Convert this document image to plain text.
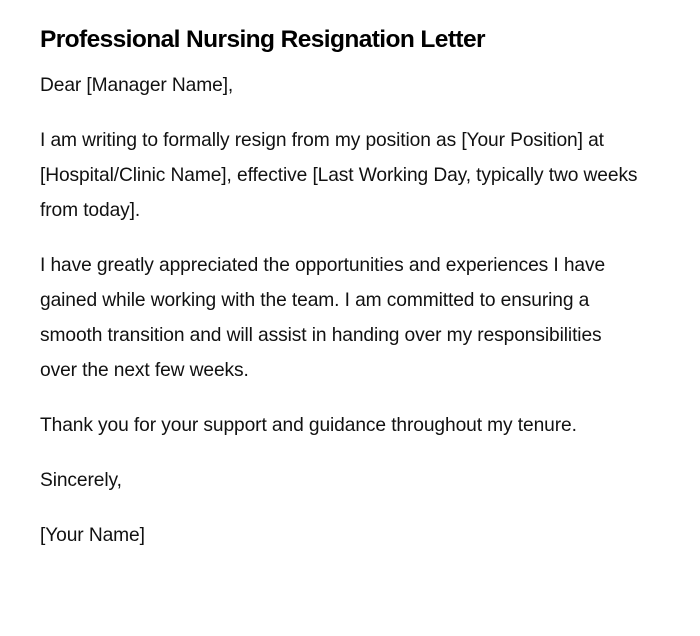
Professional Nursing Resignation Letter

Dear [Manager Name],

I am writing to formally resign from my position as [Your Position] at [Hospital/Clinic Name], effective [Last Working Day, typically two weeks from today].

I have greatly appreciated the opportunities and experiences I have gained while working with the team. I am committed to ensuring a smooth transition and will assist in handing over my responsibilities over the next few weeks.

Thank you for your support and guidance throughout my tenure.

Sincerely,

[Your Name]
